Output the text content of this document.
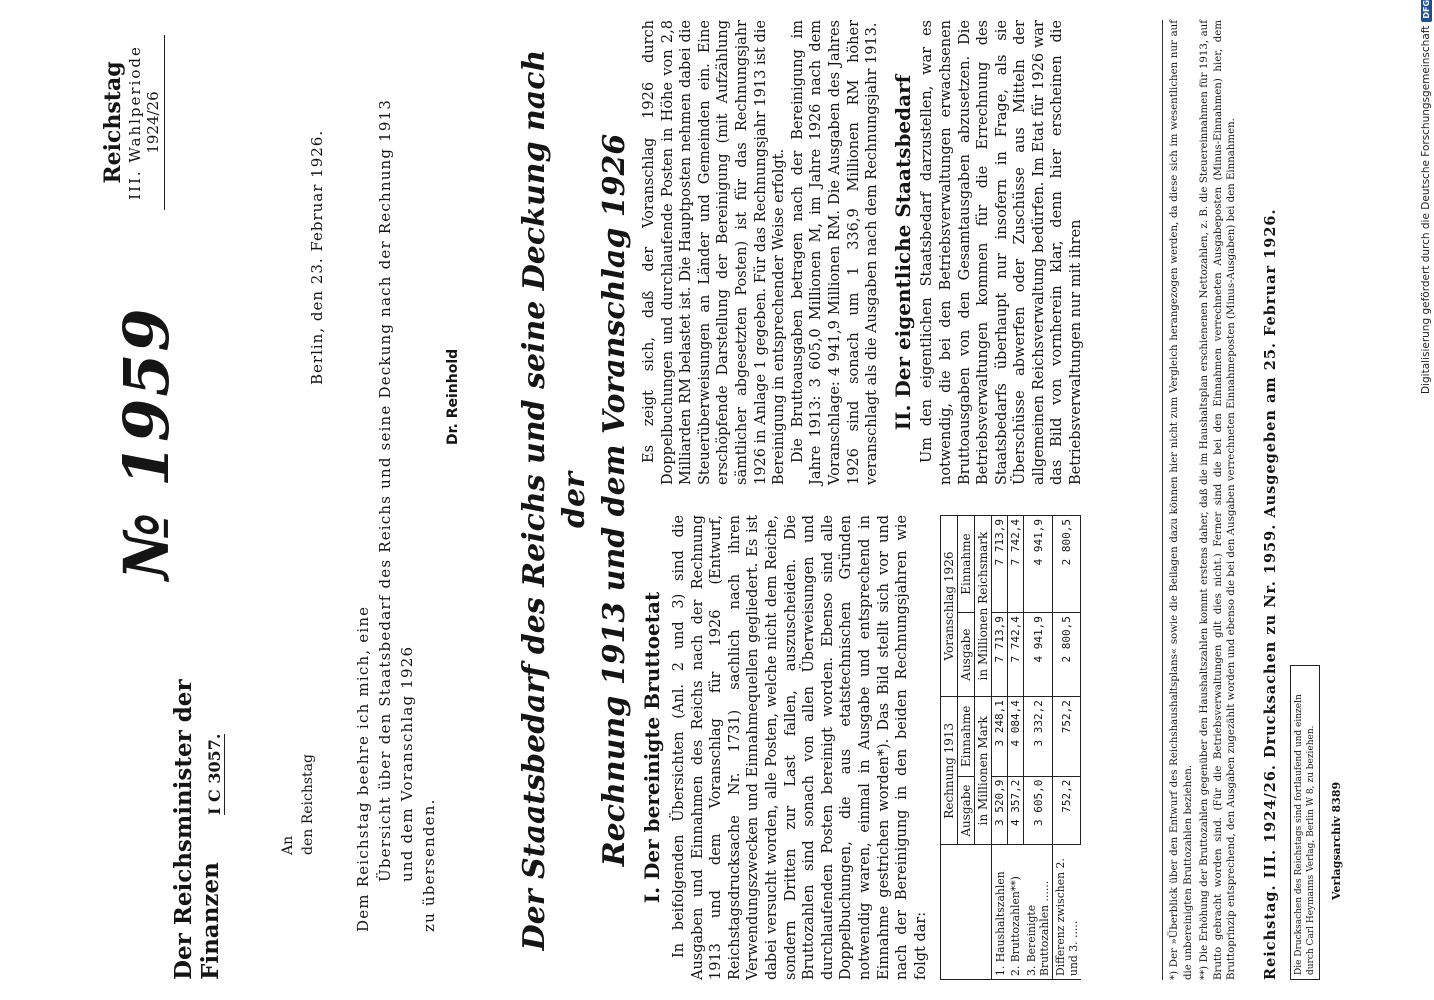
Reichstag III. Wahlperiode 1924/26
№ 1959
Der Reichsminister der Finanzen
I C 3057.
Berlin, den 23. Februar 1926.
An den Reichstag	Dem Reichstag beehre ich mich, eine Übersicht über den Staatsbedarf des Reichs und seine Deckung nach der Rechnung 1913 und dem Voranschlag 1926 zu übersenden.
Dr. Reinhold Der Staatsbedarf des Reichs und seine Deckung nach der Rechnung 1913 und dem Voranschlag 1926 I. Der bereinigte Bruttoetat In beifolgenden Übersichten (Anl. 2 und 3) sind die Ausgaben und Einnahmen des Reichs nach der Rechnung 1913 und dem Voranschlag für 1926 (Entwurf, Reichstagsdrucksache Nr. 1731) sachlich nach ihren Verwendungszwecken und Einnahmequellen gegliedert. Es ist dabei versucht worden, alle Posten, welche nicht dem Reiche, sondern Dritten zur Last fallen, auszuscheiden. Die Bruttozahlen sind sonach von allen Überweisungen und durchlaufenden Posten bereinigt worden. Ebenso sind alle Doppelbuchungen, die aus etatstechnischen Gründen notwendig waren, einmal in Ausgabe und entsprechend in Einnahme gestrichen worden*). Das Bild stellt sich vor und nach der Bereinigung in den beiden Rechnungsjahren wie folgt dar:

	Rechnung 1913		Voranschlag 1926	
	Ausgabe	Einnahme	Ausgabe	Einnahme
	in Millionen Mark		in Millionen Reichsmark	
1. Haushaltszahlen	3 520,9	3 248,1	7 713,9	7 713,9
2. Bruttozahlen**)	4 357,2	4 084,4	7 742,4	7 742,4
3. Bereinigte Bruttozahlen ......	3 605,0	3 332,2	4 941,9	4 941,9
Differenz zwischen 2. und 3. .....	752,2	752,2	2 800,5	2 800,5

Es zeigt sich, daß der Voranschlag 1926 durch Doppelbuchungen und durchlaufende Posten in Höhe von 2,8 Milliarden RM belastet ist. Die Hauptposten nehmen dabei die Steuerüberweisungen an Länder und Gemeinden ein. Eine erschöpfende Darstellung der Bereinigung (mit Aufzählung sämtlicher abgesetzten Posten) ist für das Rechnungsjahr 1926 in Anlage 1 gegeben. Für das Rechnungsjahr 1913 ist die Bereinigung in entsprechender Weise erfolgt. Die Bruttoausgaben betragen nach der Bereinigung im Jahre 1913: 3 605,0 Millionen M, im Jahre 1926 nach dem Voranschlage: 4 941,9 Millionen RM. Die Ausgaben des Jahres 1926 sind sonach um 1 336,9 Millionen RM höher veranschlagt als die Ausgaben nach dem Rechnungsjahr 1913. II. Der eigentliche Staatsbedarf Um den eigentlichen Staatsbedarf darzustellen, war es notwendig, die bei den Betriebsverwaltungen erwachsenen Bruttoausgaben von den Gesamtausgaben abzusetzen. Die Betriebsverwaltungen kommen für die Errechnung des Staatsbedarfs überhaupt nur insofern in Frage, als sie Überschüsse abwerfen oder Zuschüsse aus Mitteln der allgemeinen Reichsverwaltung bedürfen. Im Etat für 1926 war das Bild von vornherein klar, denn hier erscheinen die Betriebsverwaltungen nur mit ihren	*) Der »Überblick über den Entwurf des Reichshaushaltsplans« sowie die Beilagen dazu können hier nicht zum Vergleich herangezogen werden, da diese sich im wesentlichen nur auf die unbereinigten Bruttozahlen beziehen. **) Die Erhöhung der Bruttozahlen gegenüber den Haushaltszahlen kommt erstens daher, daß die im Haushaltsplan erschienenen Nettozahlen, z. B. die Steuereinnahmen für 1913, auf Brutto gebracht worden sind. (Für die Betriebsverwaltungen gilt dies nicht.) Ferner sind die bei den Einnahmen verrechneten Ausgabeposten (Minus-Einnahmen) hier, dem Bruttoprinzip entsprechend, den Ausgaben zugezählt worden und ebenso die bei den Ausgaben verrechneten Einnahmeposten (Minus-Ausgaben) bei den Einnahmen. Reichstag. III. 1924/26. Drucksachen zu Nr. 1959. Ausgegeben am 25. Februar 1926.	Die Drucksachen des Reichstags sind fortlaufend und einzeln durch Carl Heymanns Verlag, Berlin W 8, zu beziehen.	Verlagsarchiv 8389
Digitalisierung gefördert durch die Deutsche Forschungsgemeinschaft
DFG
